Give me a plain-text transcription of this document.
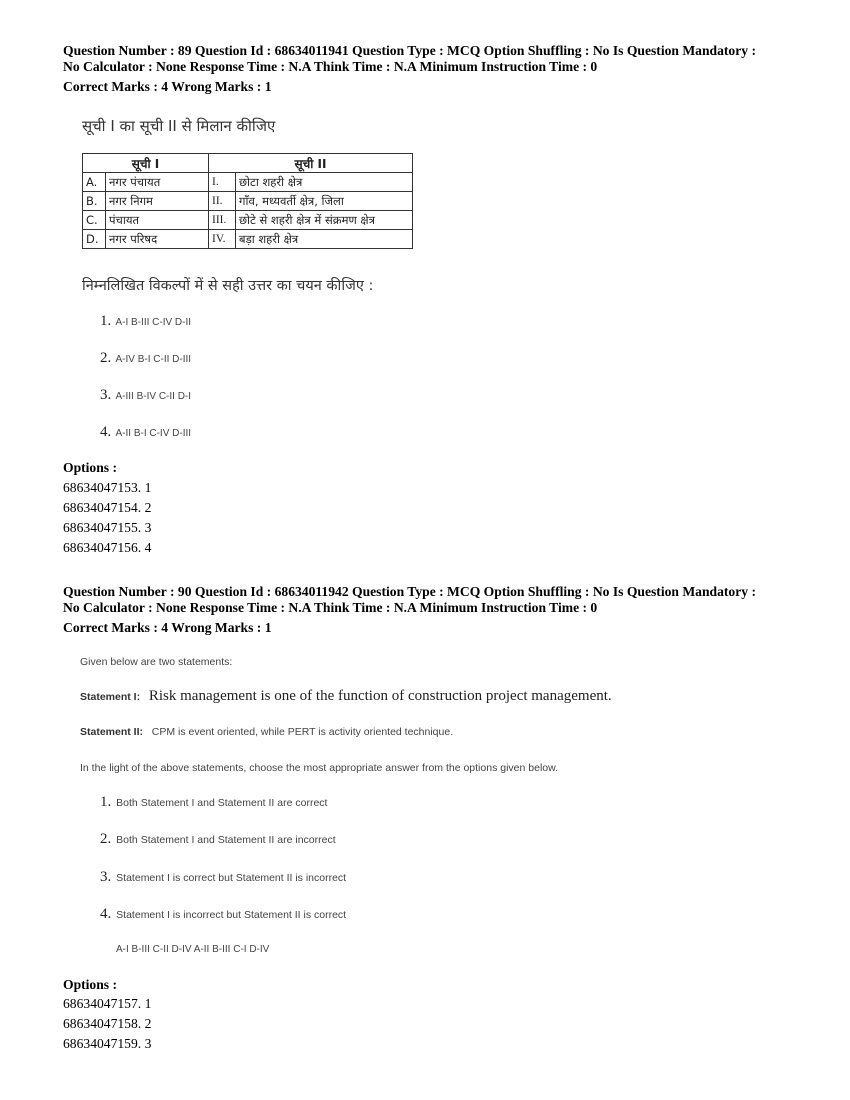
Question Number : 89 Question Id : 68634011941 Question Type : MCQ Option Shuffling : No Is Question Mandatory :
No Calculator : None Response Time : N.A Think Time : N.A Minimum Instruction Time : 0
Correct Marks : 4 Wrong Marks : 1
सूची I का सूची II से मिलान कीजिए
सूची I		सूची II	
A.	नगर पंचायत	I.	छोटा शहरी क्षेत्र
B.	नगर निगम	II.	गाँव, मध्यवर्ती क्षेत्र, जिला
C.	पंचायत	III.	छोटे से शहरी क्षेत्र में संक्रमण क्षेत्र
D.	नगर परिषद	IV.	बड़ा शहरी क्षेत्र
निम्नलिखित विकल्पों में से सही उत्तर का चयन कीजिए :
1. A-I B-III C-IV D-II
2. A-IV B-I C-II D-III
3. A-III B-IV C-II D-I
4. A-II B-I C-IV D-III
Options :
68634047153. 1
68634047154. 2
68634047155. 3
68634047156. 4
Question Number : 90 Question Id : 68634011942 Question Type : MCQ Option Shuffling : No Is Question Mandatory :
No Calculator : None Response Time : N.A Think Time : N.A Minimum Instruction Time : 0
Correct Marks : 4 Wrong Marks : 1
Given below are two statements:
Statement I: Risk management is one of the function of construction project management.
Statement II: CPM is event oriented, while PERT is activity oriented technique.
In the light of the above statements, choose the most appropriate answer from the options given below.
1. Both Statement I and Statement II are correct
2. Both Statement I and Statement II are incorrect
3. Statement I is correct but Statement II is incorrect
4. Statement I is incorrect but Statement II is correct
A-I B-III C-II D-IV A-II B-III C-I D-IV
Options :
68634047157. 1
68634047158. 2
68634047159. 3
